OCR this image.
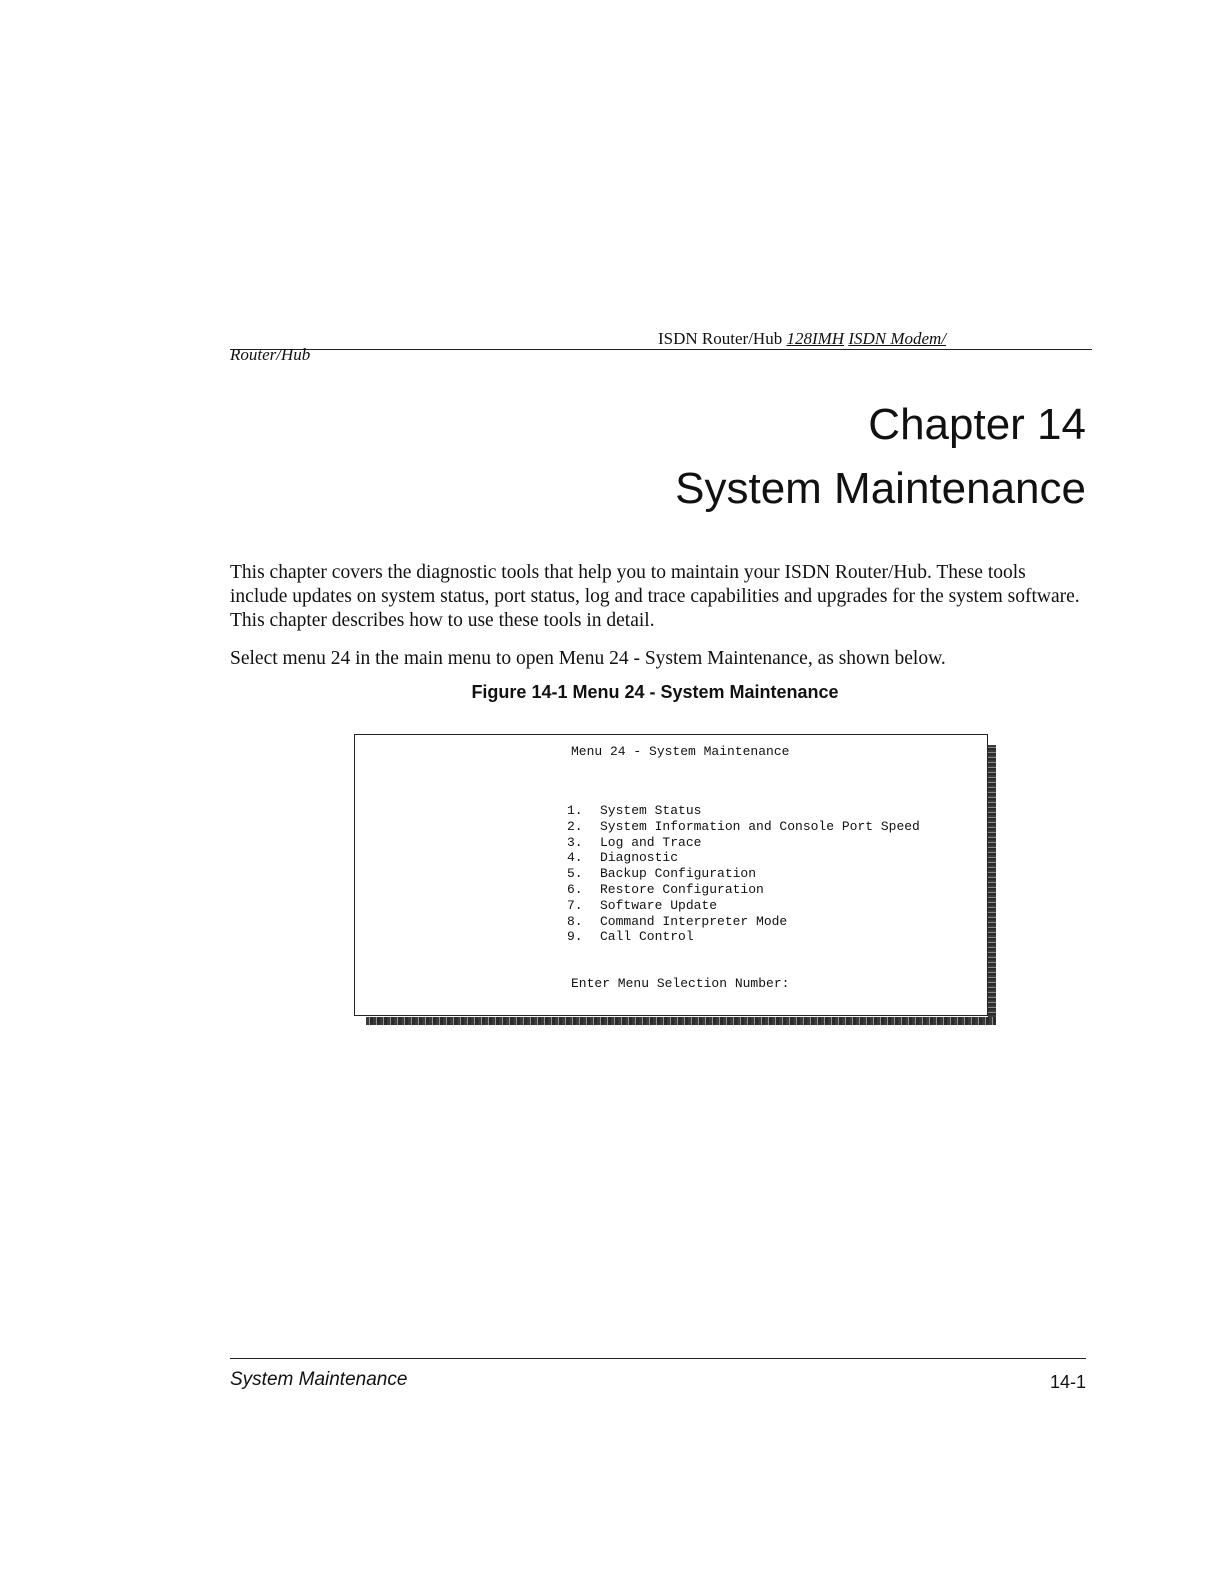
ISDN Router/Hub 128IMH ISDN Modem/
Router/Hub
Chapter 14
System Maintenance

This chapter covers the diagnostic tools that help you to maintain your ISDN Router/Hub. These tools include updates on system status, port status, log and trace capabilities and upgrades for the system software. This chapter describes how to use these tools in detail.

Select menu 24 in the main menu to open Menu 24 - System Maintenance, as shown below.

Figure 14-1 Menu 24 - System Maintenance
Menu 24 - System Maintenance
1.	System Status
2.	System Information and Console Port Speed
3.	Log and Trace
4.	Diagnostic
5.	Backup Configuration
6.	Restore Configuration
7.	Software Update
8.	Command Interpreter Mode
9.	Call Control
Enter Menu Selection Number:
System Maintenance	14-1
